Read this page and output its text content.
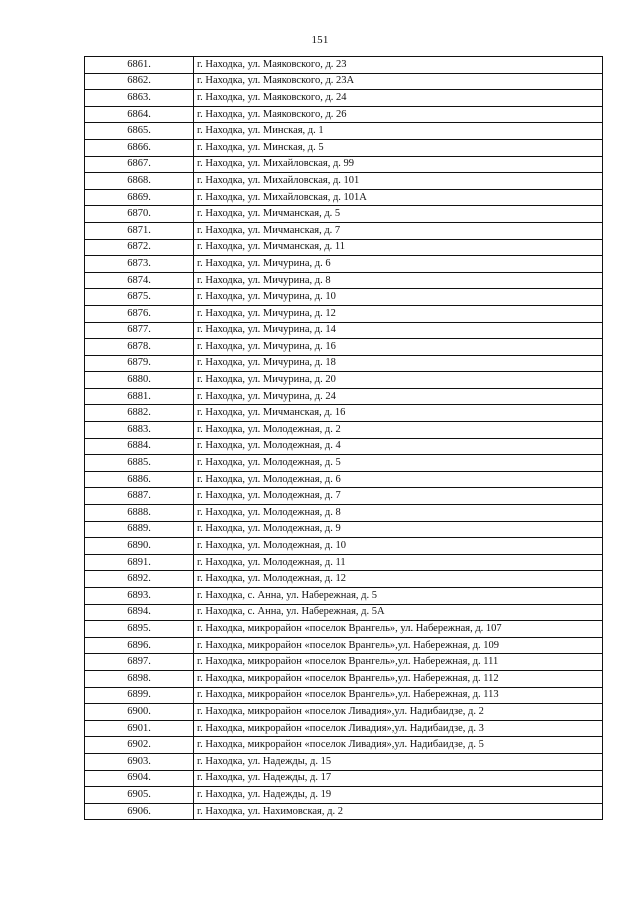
151
6861.	г. Находка, ул. Маяковского, д. 23
6862.	г. Находка, ул. Маяковского, д. 23А
6863.	г. Находка, ул. Маяковского, д. 24
6864.	г. Находка, ул. Маяковского, д. 26
6865.	г. Находка, ул. Минская, д. 1
6866.	г. Находка, ул. Минская, д. 5
6867.	г. Находка, ул. Михайловская, д. 99
6868.	г. Находка, ул. Михайловская, д. 101
6869.	г. Находка, ул. Михайловская, д. 101А
6870.	г. Находка, ул. Мичманская, д. 5
6871.	г. Находка, ул. Мичманская, д. 7
6872.	г. Находка, ул. Мичманская, д. 11
6873.	г. Находка, ул. Мичурина, д. 6
6874.	г. Находка, ул. Мичурина, д. 8
6875.	г. Находка, ул. Мичурина, д. 10
6876.	г. Находка, ул. Мичурина, д. 12
6877.	г. Находка, ул. Мичурина, д. 14
6878.	г. Находка, ул. Мичурина, д. 16
6879.	г. Находка, ул. Мичурина, д. 18
6880.	г. Находка, ул. Мичурина, д. 20
6881.	г. Находка, ул. Мичурина, д. 24
6882.	г. Находка, ул. Мичманская, д. 16
6883.	г. Находка, ул. Молодежная, д. 2
6884.	г. Находка, ул. Молодежная, д. 4
6885.	г. Находка, ул. Молодежная, д. 5
6886.	г. Находка, ул. Молодежная, д. 6
6887.	г. Находка, ул. Молодежная, д. 7
6888.	г. Находка, ул. Молодежная, д. 8
6889.	г. Находка, ул. Молодежная, д. 9
6890.	г. Находка, ул. Молодежная, д. 10
6891.	г. Находка, ул. Молодежная, д. 11
6892.	г. Находка, ул. Молодежная, д. 12
6893.	г. Находка, с. Анна, ул. Набережная, д. 5
6894.	г. Находка, с. Анна, ул. Набережная, д. 5А
6895.	г. Находка, микрорайон «поселок Врангель», ул. Набережная, д. 107
6896.	г. Находка, микрорайон «поселок Врангель»,ул. Набережная, д. 109
6897.	г. Находка, микрорайон «поселок Врангель»,ул. Набережная, д. 111
6898.	г. Находка, микрорайон «поселок Врангель»,ул. Набережная, д. 112
6899.	г. Находка, микрорайон «поселок Врангель»,ул. Набережная, д. 113
6900.	г. Находка, микрорайон «поселок Ливадия»,ул. Надибаидзе, д. 2
6901.	г. Находка, микрорайон «поселок Ливадия»,ул. Надибаидзе, д. 3
6902.	г. Находка, микрорайон «поселок Ливадия»,ул. Надибаидзе, д. 5
6903.	г. Находка, ул. Надежды, д. 15
6904.	г. Находка, ул. Надежды, д. 17
6905.	г. Находка, ул. Надежды, д. 19
6906.	г. Находка, ул. Нахимовская, д. 2
